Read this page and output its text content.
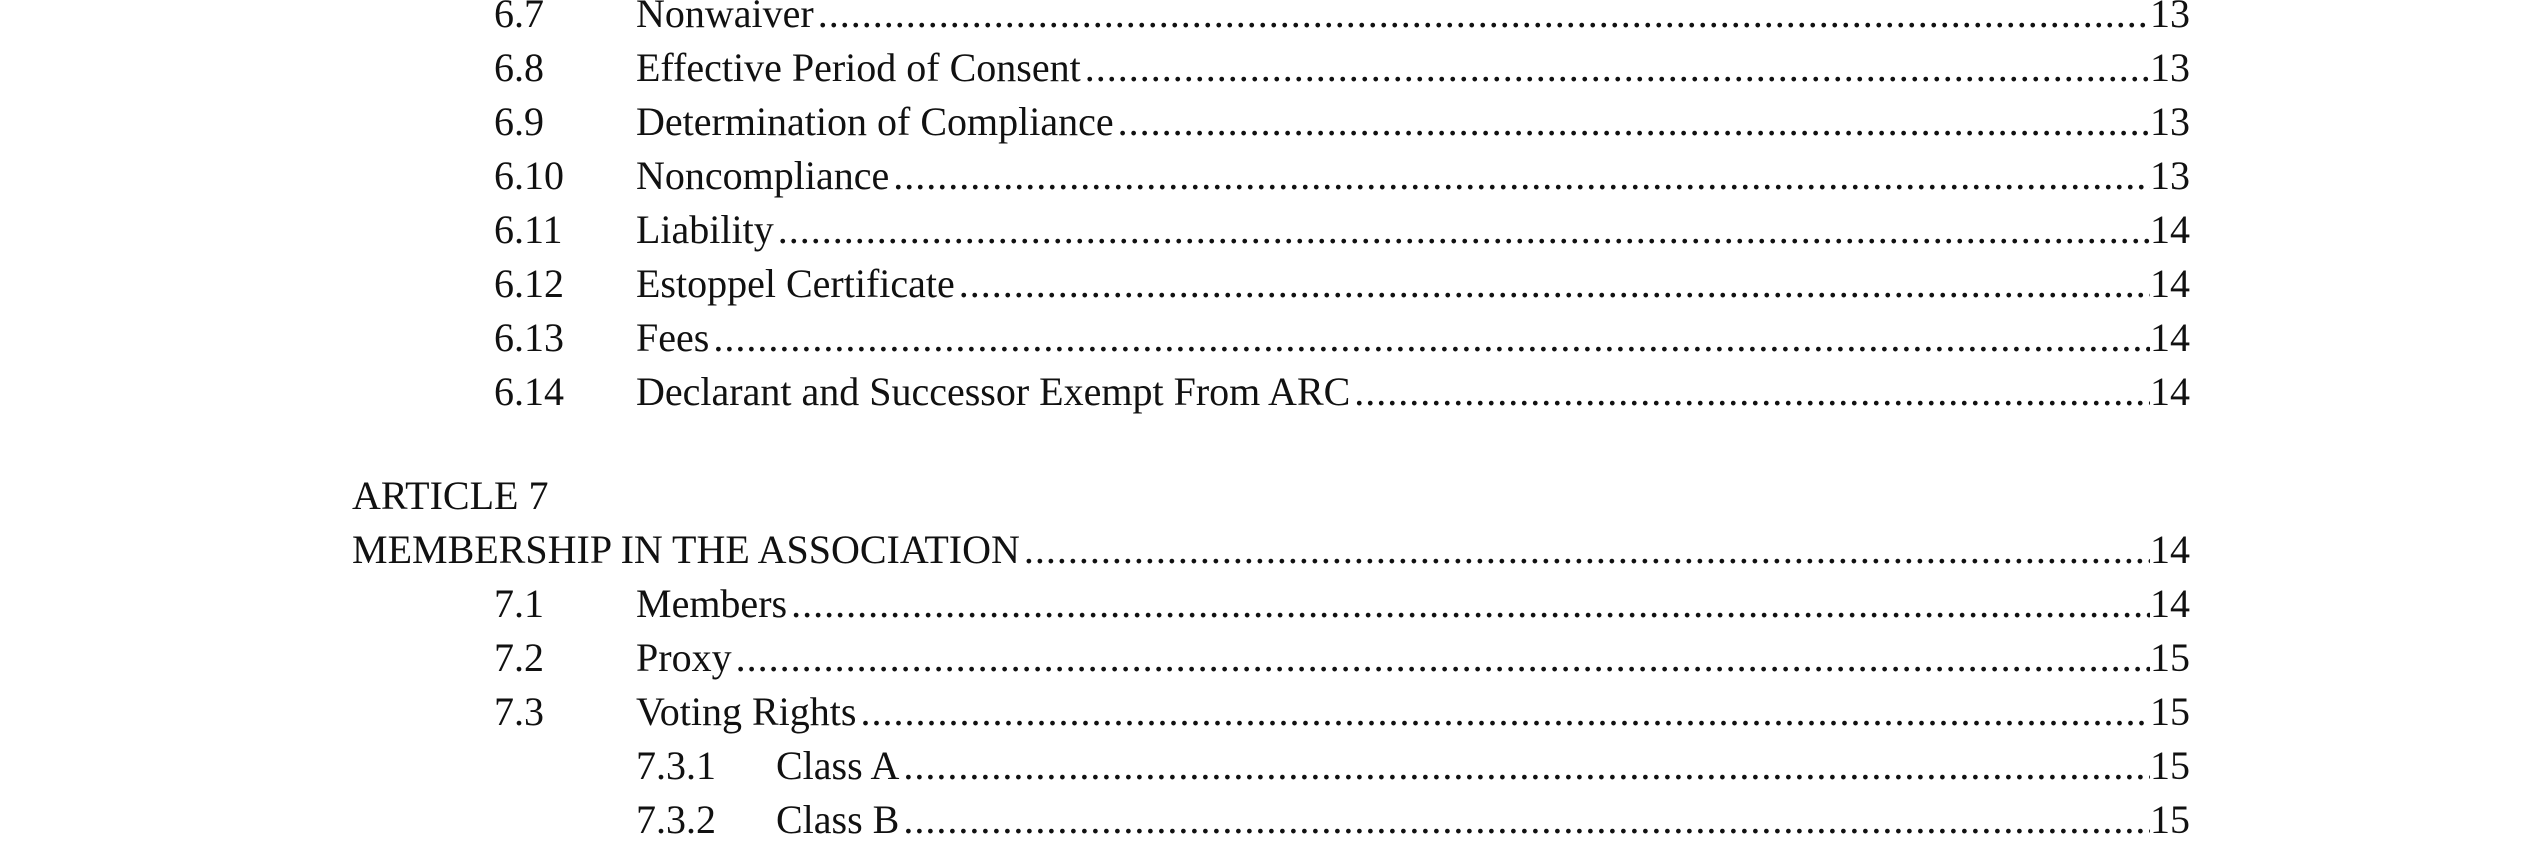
6.7 Nonwaiver .....	13
6.8 Effective Period of Consent .....	13
6.9 Determination of Compliance .....	13
6.10 Noncompliance .....	13
6.11 Liability .....	14
6.12 Estoppel Certificate .....	14
6.13 Fees .....	14
6.14 Declarant and Successor Exempt From ARC .....	14
ARTICLE 7
MEMBERSHIP IN THE ASSOCIATION .....	14
7.1 Members .....	14
7.2 Proxy .....	15
7.3 Voting Rights .....	15
7.3.1 Class A .....	15
7.3.2 Class B .....	15
